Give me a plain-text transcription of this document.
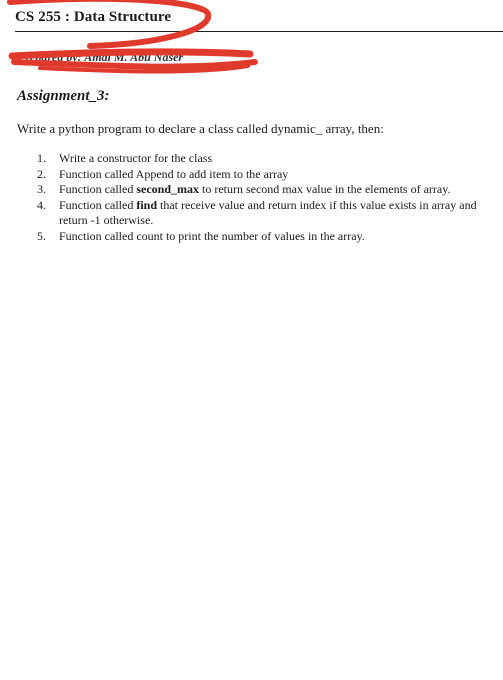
CS 255 : Data Structure
Prepared by: Amal M. Abu Naser
Assignment_3:
Write a python program to declare a class called dynamic_ array, then:
1. Write a constructor for the class
2. Function called Append to add item to the array
3. Function called second_max to return second max value in the elements of array.
4. Function called find that receive value and return index if this value exists in array and return -1 otherwise.
5. Function called count to print the number of values in the array.
